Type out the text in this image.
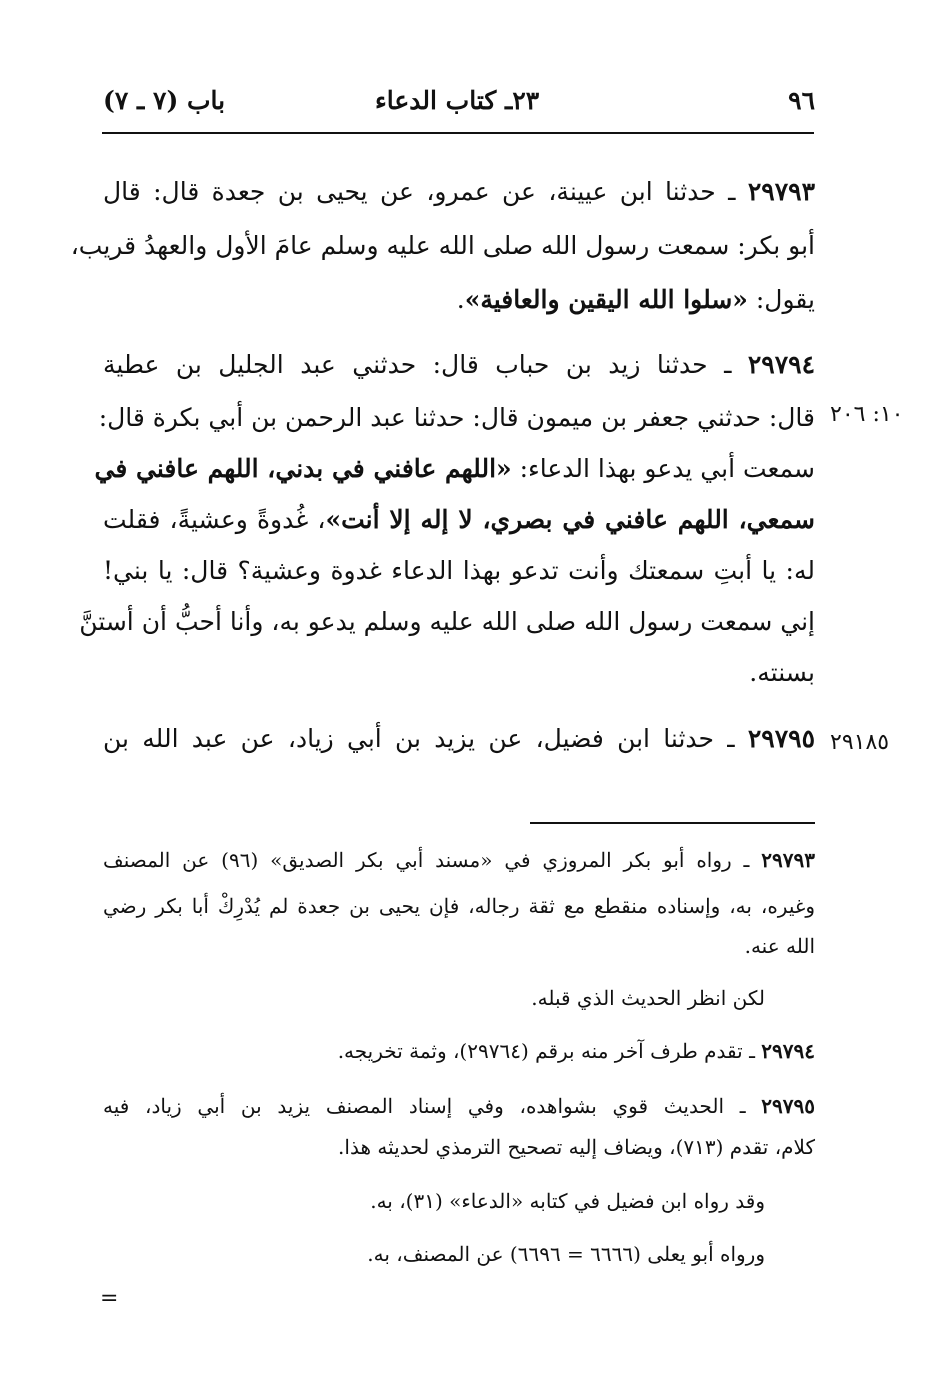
٩٦
٢٣ـ كتاب الدعاء
باب (٧ ـ ٧)
٢٩٧٩٣ ـ حدثنا ابن عيينة، عن عمرو، عن يحيى بن جعدة قال: قال
أبو بكر: سمعت رسول الله صلى الله عليه وسلم عامَ الأول والعهدُ قريب،
يقول: «سلوا الله اليقين والعافية».
٢٩٧٩٤ ـ حدثنا زيد بن حباب قال: حدثني عبد الجليل بن عطية
١٠: ٢٠٦
قال: حدثني جعفر بن ميمون قال: حدثنا عبد الرحمن بن أبي بكرة قال:
سمعت أبي يدعو بهذا الدعاء: «اللهم عافني في بدني، اللهم عافني في
سمعي، اللهم عافني في بصري، لا إله إلا أنت»، غُدوةً وعشيةً، فقلت
له: يا أبتِ سمعتك وأنت تدعو بهذا الدعاء غدوة وعشية؟ قال: يا بني!
إني سمعت رسول الله صلى الله عليه وسلم يدعو به، وأنا أحبُّ أن أستنَّ
بسنته.
٢٩١٨٥
٢٩٧٩٥ ـ حدثنا ابن فضيل، عن يزيد بن أبي زياد، عن عبد الله بن
٢٩٧٩٣ ـ رواه أبو بكر المروزي في «مسند أبي بكر الصديق» (٩٦) عن المصنف
وغيره، به، وإسناده منقطع مع ثقة رجاله، فإن يحيى بن جعدة لم يُدْرِكْ أبا بكر رضي
الله عنه.
لكن انظر الحديث الذي قبله.
٢٩٧٩٤ ـ تقدم طرف آخر منه برقم (٢٩٧٦٤)، وثمة تخريجه.
٢٩٧٩٥ ـ الحديث قوي بشواهده، وفي إسناد المصنف يزيد بن أبي زياد، فيه
كلام، تقدم (٧١٣)، ويضاف إليه تصحيح الترمذي لحديثه هذا.
وقد رواه ابن فضيل في كتابه «الدعاء» (٣١)، به.
ورواه أبو يعلى (٦٦٦٦ = ٦٦٩٦) عن المصنف، به.
=
